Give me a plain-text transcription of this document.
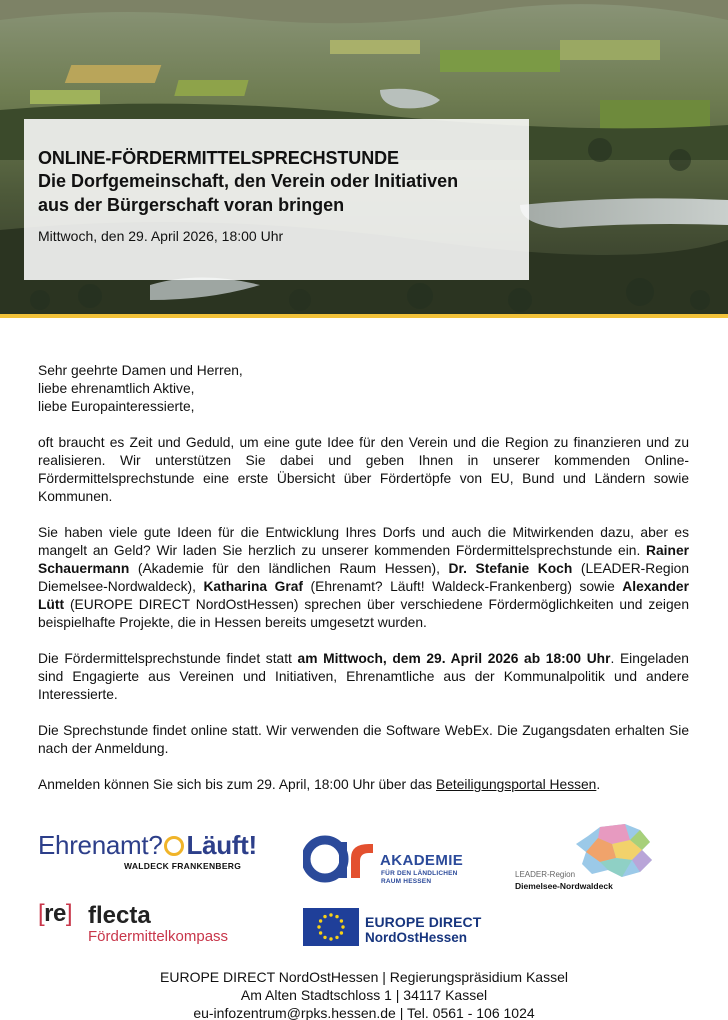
ONLINE-FÖRDERMITTELSPRECHSTUNDE
Die Dorfgemeinschaft, den Verein oder Initiativen
aus der Bürgerschaft voran bringen
Mittwoch, den 29. April 2026, 18:00 Uhr

Sehr geehrte Damen und Herren,
liebe ehrenamtlich Aktive,
liebe Europainteressierte,

oft braucht es Zeit und Geduld, um eine gute Idee für den Verein und die Region zu finanzieren und zu realisieren. Wir unterstützen Sie dabei und geben Ihnen in unserer kommenden Online-Fördermittelsprechstunde eine erste Übersicht über Fördertöpfe von EU, Bund und Ländern sowie Kommunen.

Sie haben viele gute Ideen für die Entwicklung Ihres Dorfs und auch die Mitwirkenden dazu, aber es mangelt an Geld? Wir laden Sie herzlich zu unserer kommenden Fördermittelsprechstunde ein. Rainer Schauermann (Akademie für den ländlichen Raum Hessen), Dr. Stefanie Koch (LEADER-Region Diemelsee-Nordwaldeck), Katharina Graf (Ehrenamt? Läuft! Waldeck-Frankenberg) sowie Alexander Lütt (EUROPE DIRECT NordOstHessen) sprechen über verschiedene Fördermöglichkeiten und zeigen beispielhafte Projekte, die in Hessen bereits umgesetzt wurden.

Die Fördermittelsprechstunde findet statt am Mittwoch, dem 29. April 2026 ab 18:00 Uhr. Eingeladen sind Engagierte aus Vereinen und Initiativen, Ehrenamtliche aus der Kommunalpolitik und andere Interessierte.

Die Sprechstunde findet online statt. Wir verwenden die Software WebEx. Die Zugangsdaten erhalten Sie nach der Anmeldung.

Anmelden können Sie sich bis zum 29. April, 18:00 Uhr über das Beteiligungsportal Hessen.

Ehrenamt? Läuft!
WALDECK FRANKENBERG	AKADEMIE
FÜR DEN LÄNDLICHEN
RAUM HESSEN
LEADER-Region
Diemelsee-Nordwaldeck
[re] flecta
Fördermittelkompass
EUROPE DIRECT
NordOstHessen
EUROPE DIRECT NordOstHessen | Regierungspräsidium Kassel
Am Alten Stadtschloss 1 | 34117 Kassel
eu-infozentrum@rpks.hessen.de | Tel. 0561 - 106 1024
